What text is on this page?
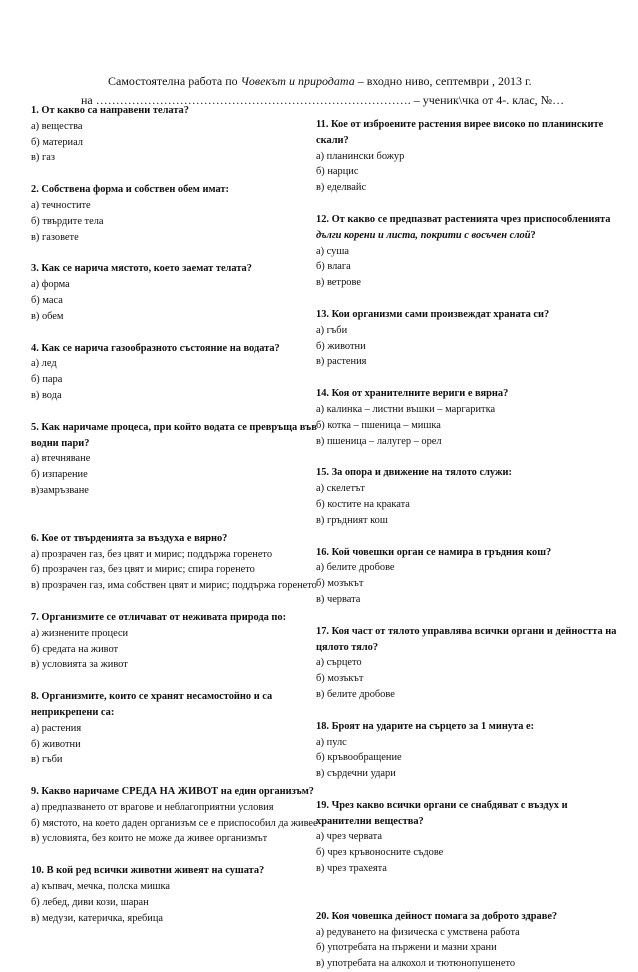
Самостоятелна работа по Човекът и природата – входно ниво, септември , 2013 г.
на ……………………………………………………………………. – ученик\чка от 4-. клас, №…
1. От какво са направени телата?
а) вещества
б) материал
в) газ
2. Собствена форма и собствен обем имат:
а) течностите
б) твърдите тела
в) газовете
3. Как се нарича мястото, което заемат телата?
а) форма
б) маса
в) обем
4. Как се нарича газообразното състояние на водата?
а) лед
б) пара
в) вода
5. Как наричаме процеса, при който водата се превръща във водни пари?
а) втечняване
б) изпарение
в)замръзване
6. Кое от твърденията за въздуха е вярно?
а) прозрачен газ, без цвят и мирис; поддържа горенето
б) прозрачен газ, без цвят и мирис; спира горенето
в) прозрачен газ, има собствен цвят и мирис; поддържа горенето
7. Организмите се отличават от неживата природа по:
а) жизнените процеси
б) средата на живот
в) условията за живот
8. Организмите, които се хранят несамостойно и са неприкрепени са:
а) растения
б) животни
в) гъби
9. Какво наричаме СРЕДА НА ЖИВОТ на един организъм?
а) предпазването от врагове и неблагоприятни условия
б) мястото, на което даден организъм се е приспособил да живее
в) условията, без които не може да живее организмът
10. В кой ред всички животни живеят на сушата?
а) къпвач, мечка, полска мишка
б) лебед, диви кози, шаран
в) медузи, катеричка, яребица
11. Кое от изброените растения вирее високо по планинските скали?
а) планински божур
б) нарцис
в) еделвайс
12. От какво се предпазват растенията чрез приспособленията дълги корени и листа, покрити с восъчен слой?
а) суша
б) влага
в) ветрове
13. Кои организми сами произвеждат храната си?
а) гъби
б) животни
в) растения
14. Коя от хранителните вериги е вярна?
а) калинка – листни въшки – маргаритка
б) котка – пшеница – мишка
в) пшеница – лалугер – орел
15. За опора и движение на тялото служи:
а) скелетът
б) костите на краката
в) гръдният кош
16. Кой човешки орган се намира в гръдния кош?
а) белите дробове
б) мозъкът
в) червата
17. Коя част от тялото управлява всички органи и дейността на цялото тяло?
а) сърцето
б) мозъкът
в) белите дробове
18. Броят на ударите на сърцето за 1 минута е:
а) пулс
б) кръвообращение
в) сърдечни удари
19. Чрез какво всички органи се снабдяват с въздух и хранителни вещества?
а) чрез червата
б) чрез кръвоносните съдове
в) чрез трахеята
20. Коя човешка дейност помага за доброто здраве?
а) редуването на физическа с умствена работа
б) употребата на пържени и мазни храни
в) употребата на алкохол и тютюнопушенето
